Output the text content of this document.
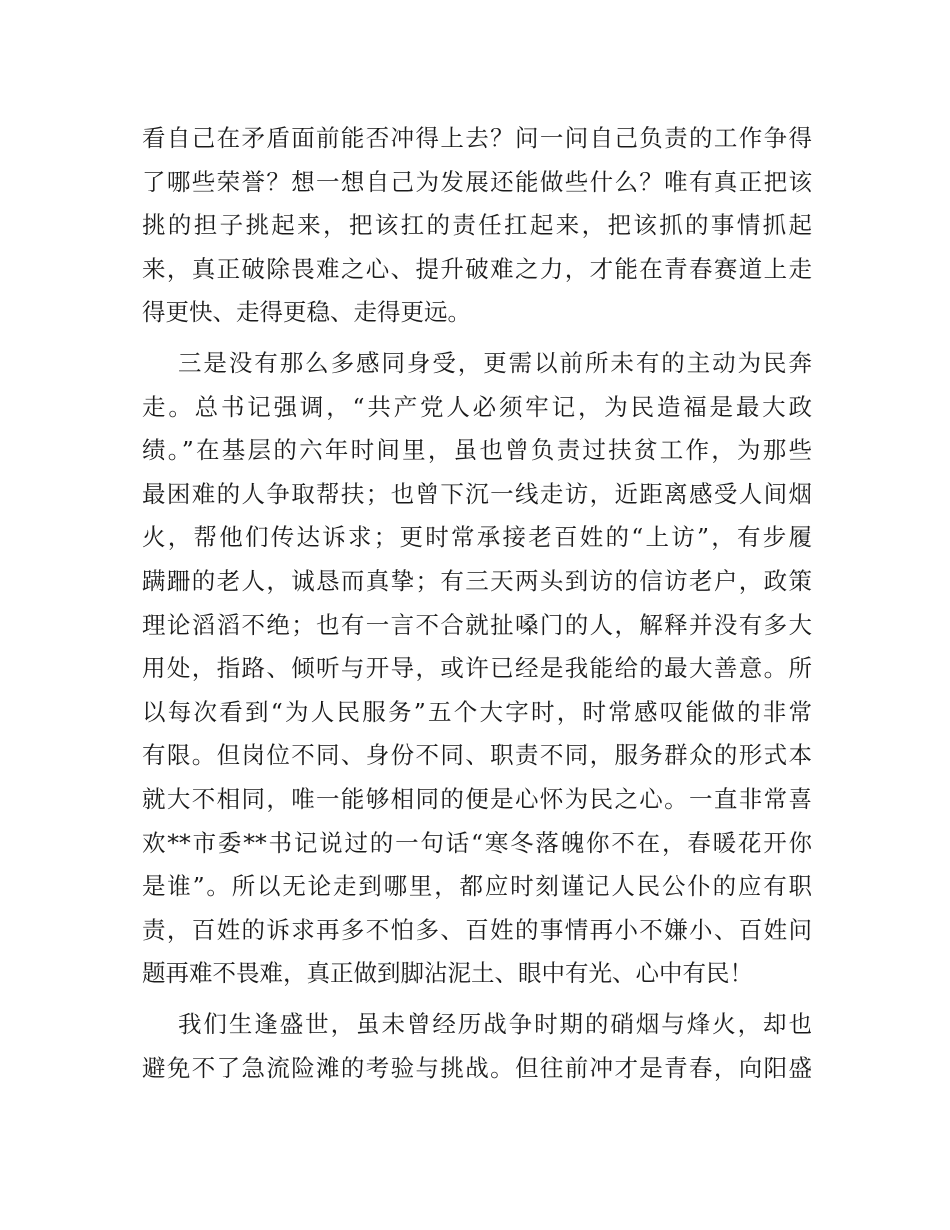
看自己在矛盾面前能否冲得上去？问一问自己负责的工作争得
了哪些荣誉？想一想自己为发展还能做些什么？唯有真正把该
挑的担子挑起来，把该扛的责任扛起来，把该抓的事情抓起
来，真正破除畏难之心、提升破难之力，才能在青春赛道上走
得更快、走得更稳、走得更远。
三是没有那么多感同身受，更需以前所未有的主动为民奔
走。总书记强调，“共产党人必须牢记，为民造福是最大政
绩。”在基层的六年时间里，虽也曾负责过扶贫工作，为那些
最困难的人争取帮扶；也曾下沉一线走访，近距离感受人间烟
火，帮他们传达诉求；更时常承接老百姓的“上访”，有步履
蹒跚的老人，诚恳而真挚；有三天两头到访的信访老户，政策
理论滔滔不绝；也有一言不合就扯嗓门的人，解释并没有多大
用处，指路、倾听与开导，或许已经是我能给的最大善意。所
以每次看到“为人民服务”五个大字时，时常感叹能做的非常
有限。但岗位不同、身份不同、职责不同，服务群众的形式本
就大不相同，唯一能够相同的便是心怀为民之心。一直非常喜
欢**市委**书记说过的一句话“寒冬落魄你不在，春暖花开你
是谁”。所以无论走到哪里，都应时刻谨记人民公仆的应有职
责，百姓的诉求再多不怕多、百姓的事情再小不嫌小、百姓问
题再难不畏难，真正做到脚沾泥土、眼中有光、心中有民！
我们生逢盛世，虽未曾经历战争时期的硝烟与烽火，却也
避免不了急流险滩的考验与挑战。但往前冲才是青春，向阳盛
